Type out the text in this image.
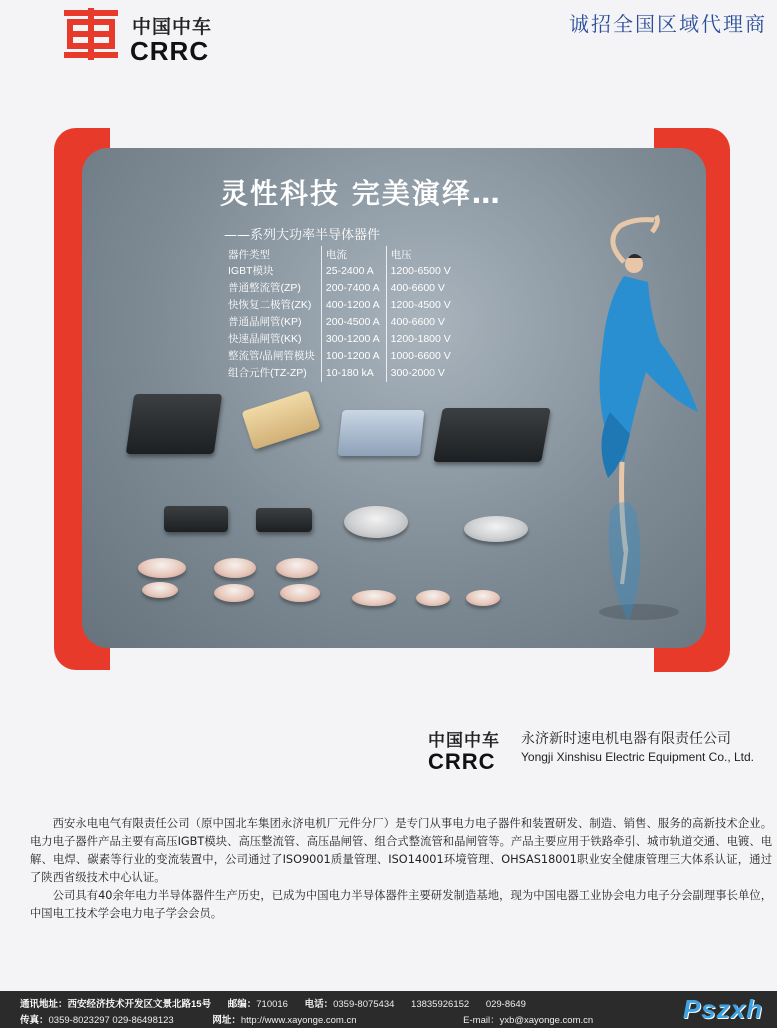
中国中车
CRRC
诚招全国区域代理商
灵性科技 完美演绎…
——系列大功率半导体器件
器件类型	电流	电压
IGBT模块	25-2400 A	1200-6500 V
普通整流管(ZP)	200-7400 A	400-6600 V
快恢复二极管(ZK)	400-1200 A	1200-4500 V
普通晶闸管(KP)	200-4500 A	400-6600 V
快速晶闸管(KK)	300-1200 A	1200-1800 V
整流管/晶闸管模块	100-1200 A	1000-6600 V
组合元件(TZ-ZP)	10-180 kA	300-2000 V
中国中车
CRRC
永济新时速电机电器有限责任公司
Yongji Xinshisu Electric Equipment Co., Ltd.

西安永电电气有限责任公司（原中国北车集团永济电机厂元件分厂）是专门从事电力电子器件和装置研发、制造、销售、服务的高新技术企业。电力电子器件产品主要有高压IGBT模块、高压整流管、高压晶闸管、组合式整流管和晶闸管等。产品主要应用于铁路牵引、城市轨道交通、电镀、电解、电焊、碳素等行业的变流装置中，公司通过了ISO9001质量管理、ISO14001环境管理、OHSAS18001职业安全健康管理三大体系认证，通过了陕西省级技术中心认证。

公司具有40余年电力半导体器件生产历史，已成为中国电力半导体器件主要研发制造基地，现为中国电器工业协会电力电子分会副理事长单位，中国电工技术学会电力电子学会会员。

通讯地址：西安经济技术开发区文景北路15号 邮编：710016 电话：0359-8075434 13835926152 029-8649
传真：0359-8023297 029-86498123	网址：http://www.xayonge.com.cn	E-mail：yxb@xayonge.com.cn	Pszxh
